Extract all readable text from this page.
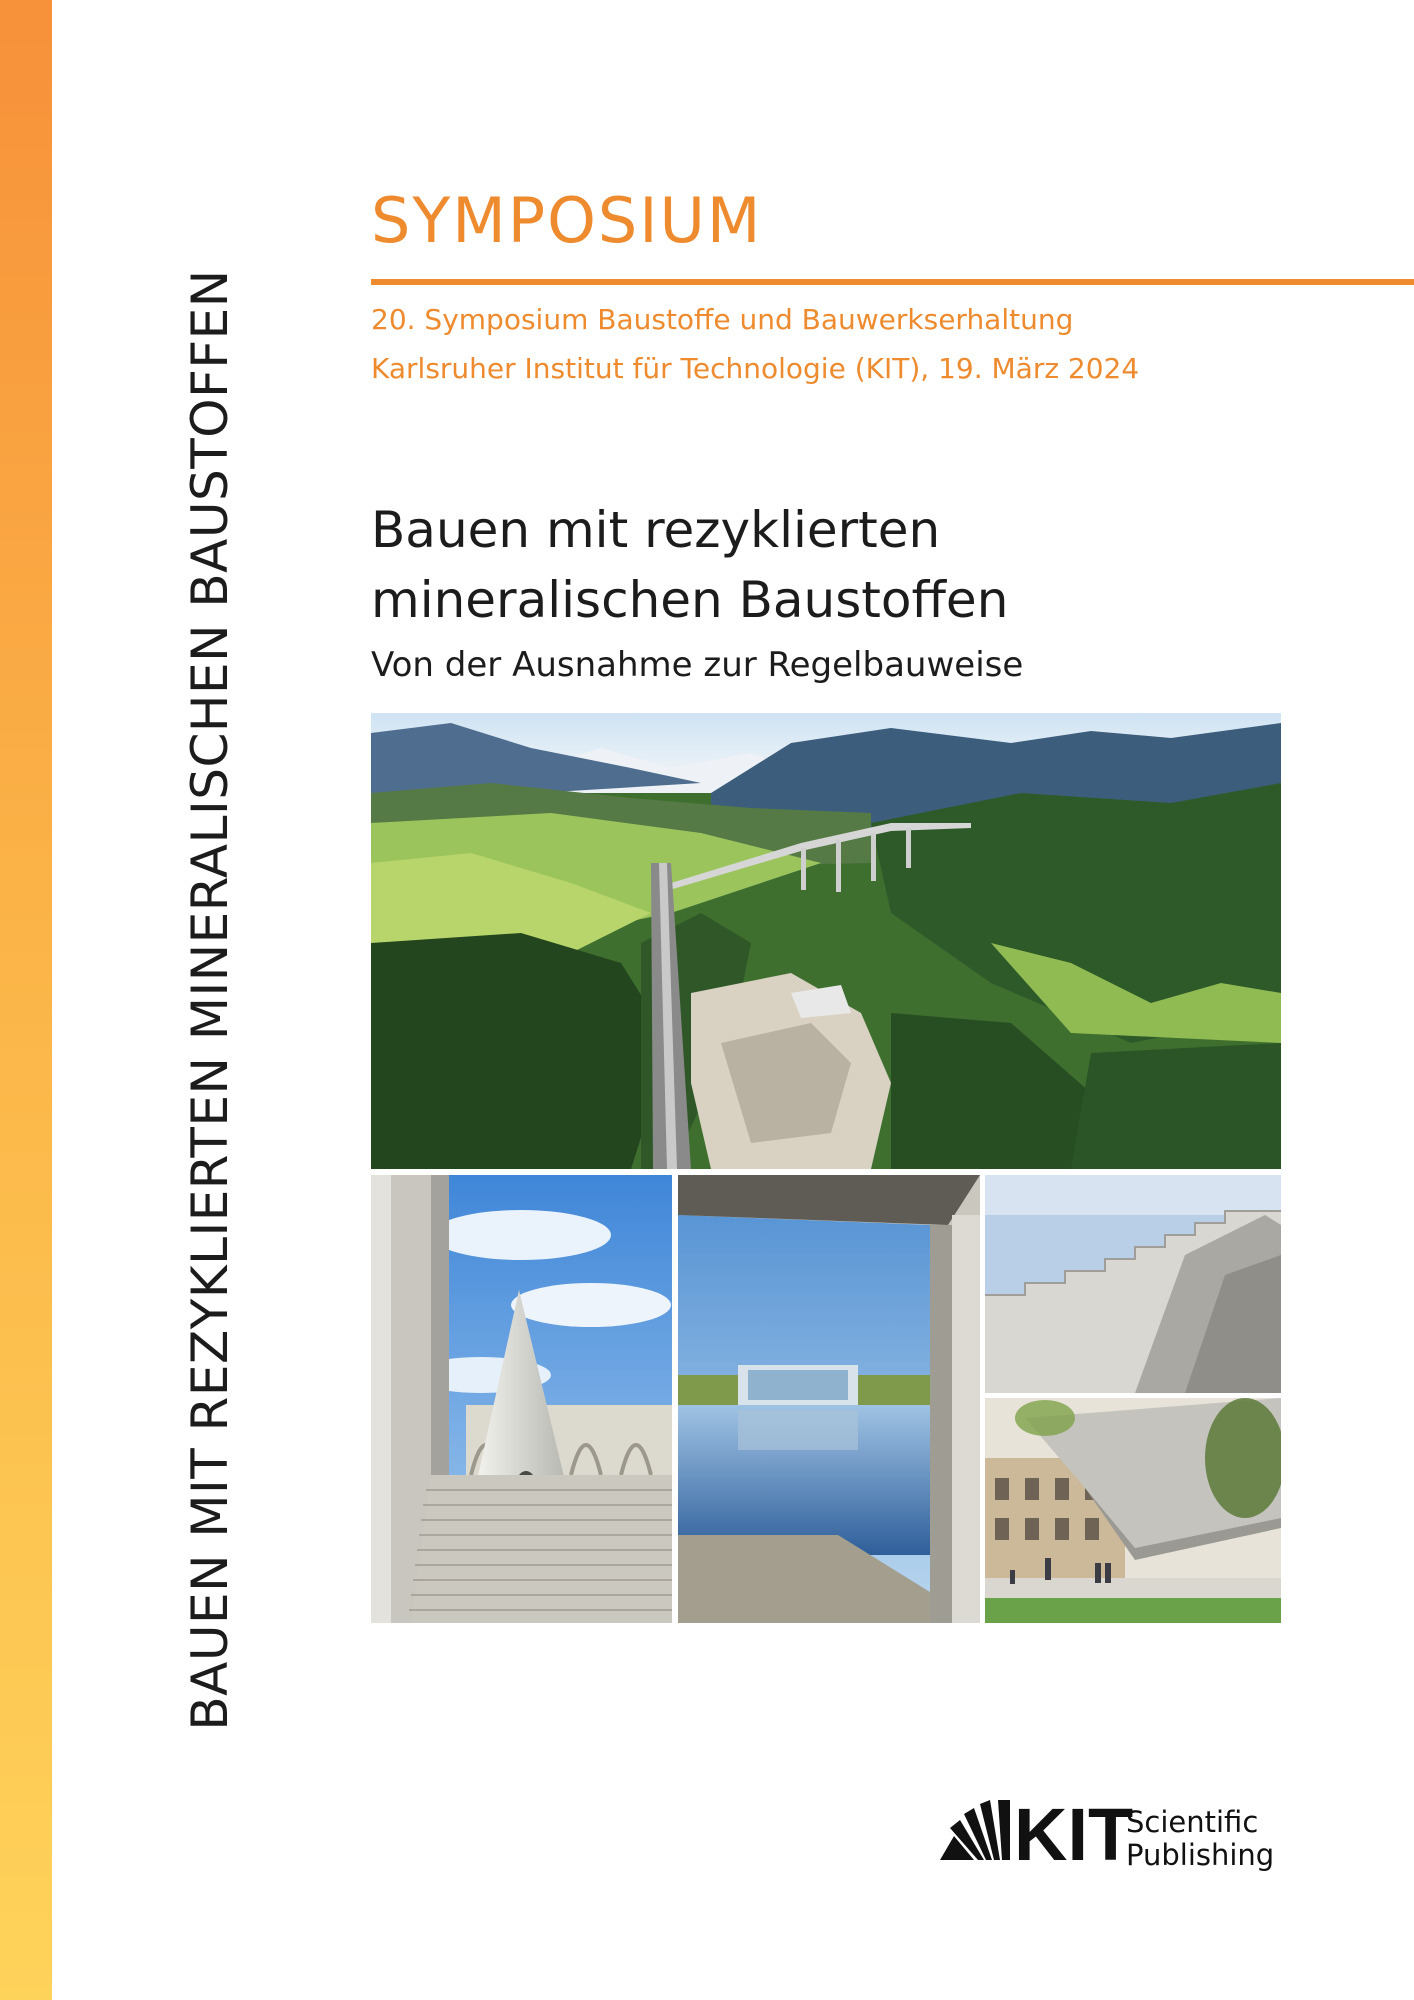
BAUEN MIT REZYKLIERTEN MINERALISCHEN BAUSTOFFEN
SYMPOSIUM
20. Symposium Baustoffe und Bauwerkserhaltung
Karlsruher Institut für Technologie (KIT), 19. März 2024
Bauen mit rezyklierten
mineralischen Baustoffen
Von der Ausnahme zur Regelbauweise
KIT
Scientific
Publishing
